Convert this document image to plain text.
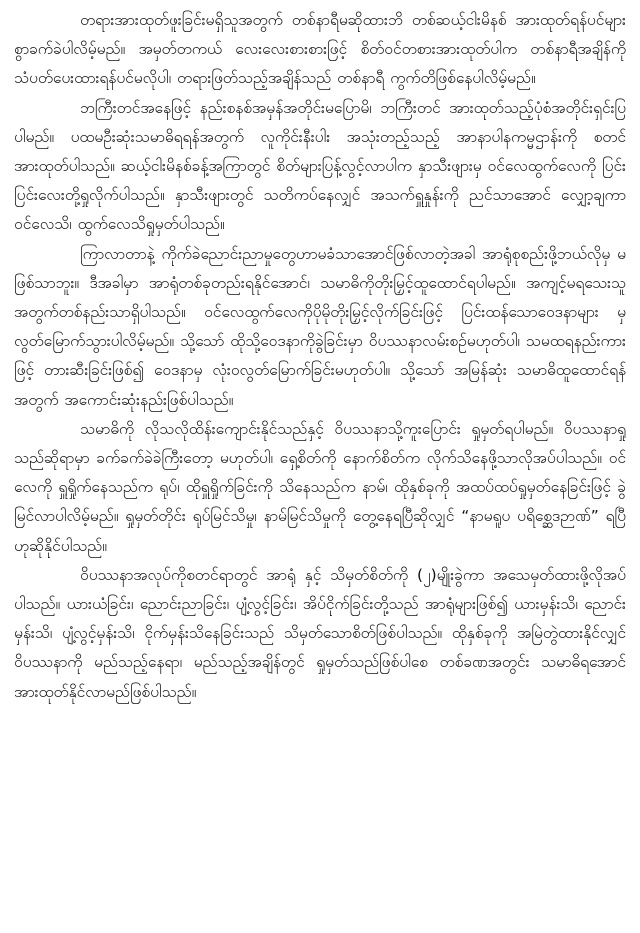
တရားအားထုတ်ဖူးခြင်းမရှိသူအတွက် တစ်နာရီမဆိုထားဘိ တစ်ဆယ့်ငါးမိနစ် အားထုတ်ရန်ပင်များစွာခက်ခဲပါလိမ့်မည်။ အမှတ်တကယ် လေးလေးစားစားဖြင့် စိတ်ဝင်တစားအားထုတ်ပါက တစ်နာရီအချိန်ကို သံပတ်ပေးထားရန်ပင်မလိုပါ၊ တရားဖြတ်သည့်အချိန်သည် တစ်နာရီ ကွက်တိဖြစ်နေပါလိမ့်မည်။

ဘကြီးတင်အနေဖြင့် နည်းစနစ်အမှန်အတိုင်းမပြောမိ၊ ဘကြီးတင် အားထုတ်သည့်ပုံစံအတိုင်းရှင်းပြပါမည်။ ပထမဦးဆုံးသမာဓိရရန်အတွက် လူကိုင်းနီးပါး အသုံးတည့်သည့် အာနာပါနကမ္မဌာန်းကို စတင်အားထုတ်ပါသည်။ ဆယ့်ငါးမိနစ်ခန့်အကြာတွင် စိတ်များပြန့်လွင့်လာပါက နှာသီးဖျားမှ ဝင်လေထွက်လေကို ပြင်းပြင်းလေးတို့ရှုလိုက်ပါသည်။ နှာသီးဖျားတွင် သတိကပ်နေလျှင် အသက်ရှူနှုန်းကို ညင်သာအောင် လျှော့ချကာ ဝင်လေသိ၊ ထွက်လေသိရှုမှတ်ပါသည်။

ကြာလာတာနဲ့ ကိုက်ခဲညောင်းညာမှုတွေဟာမခံသာအောင်ဖြစ်လာတဲ့အခါ အာရုံစုစည်းဖို့ဘယ်လိုမှ မဖြစ်သာဘူး။ ဒီအခါမှာ အာရုံတစ်ခုတည်းရနိုင်အောင်၊ သမာဓိကိုတိုးမြှင့်ထူထောင်ရပါမည်။ အကျင့်မရသေးသူအတွက်တစ်နည်းသာရှိပါသည်။ ဝင်လေထွက်လေကိုပိုမိုတိုးမြှင့်လိုက်ခြင်းဖြင့် ပြင်းထန်သောဝေဒနာများ မှ လွတ်မြောက်သွားပါလိမ့်မည်။ သို့သော် ထိုသို့ဝေဒနာကိုခွဲခြင်းမှာ ဝိပဿနာလမ်းစဉ်မဟုတ်ပါ၊ သမထရနည်းကားဖြင့် တားဆီးခြင်းဖြစ်၍ ဝေဒနာမှ လုံးဝလွတ်မြောက်ခြင်းမဟုတ်ပါ။ သို့သော် အမြန်ဆုံး သမာဓိထူထောင်ရန်အတွက် အကောင်းဆုံးနည်းဖြစ်ပါသည်။

သမာဓိကို လိုသလိုထိန်းကျောင်းနိုင်သည်နှင့် ဝိပဿနာသို့ကူးပြောင်း ရှုမှတ်ရပါမည်။ ဝိပဿနာရှုသည်ဆိုရာမှာ ခက်ခက်ခဲခဲကြီးတော့ မဟုတ်ပါ၊ ရှေ့စိတ်ကို နောက်စိတ်က လိုက်သိနေဖို့သာလိုအပ်ပါသည်။ ဝင်လေကို ရှူရှိုက်နေသည်က ရုပ်၊ ထိုရှူရှိုက်ခြင်းကို သိနေသည်က နာမ်၊ ထိုနှစ်ခုကို အထပ်ထပ်ရှုမှတ်နေခြင်းဖြင့် ခွဲမြင်လာပါလိမ့်မည်။ ရှုမှတ်တိုင်း ရုပ်မြင်သိမှု၊ နာမ်မြင်သိမှုကို တွေ့နေရပြီဆိုလျှင် “နာမရူပ ပရိစ္ဆေဒဉာဏ်” ရပြီဟုဆိုနိုင်ပါသည်။

ဝိပဿနာအလုပ်ကိုစတင်ရာတွင် အာရုံ နှင့် သိမှတ်စိတ်ကို (၂)မျိုးခွဲကာ အသေမှတ်ထားဖို့လိုအပ်ပါသည်။ ယားယံခြင်း၊ ညောင်းညာခြင်း၊ ပျံ့လွင့်ခြင်း၊ အိပ်ငိုက်ခြင်းတို့သည် အာရုံများဖြစ်၍ ယားမှန်းသိ၊ ညောင်းမှန်းသိ၊ ပျံ့လွင့်မှန်းသိ၊ ငိုက်မှန်းသိနေခြင်းသည် သိမှတ်သောစိတ်ဖြစ်ပါသည်။ ထိုနှစ်ခုကို အမြဲတွဲထားနိုင်လျှင် ဝိပဿနာကို မည်သည့်နေရာ၊ မည်သည့်အချိန်တွင် ရှုမှတ်သည်ဖြစ်ပါစေ တစ်ခဏအတွင်း သမာဓိရအောင် အားထုတ်နိုင်လာမည်ဖြစ်ပါသည်။
